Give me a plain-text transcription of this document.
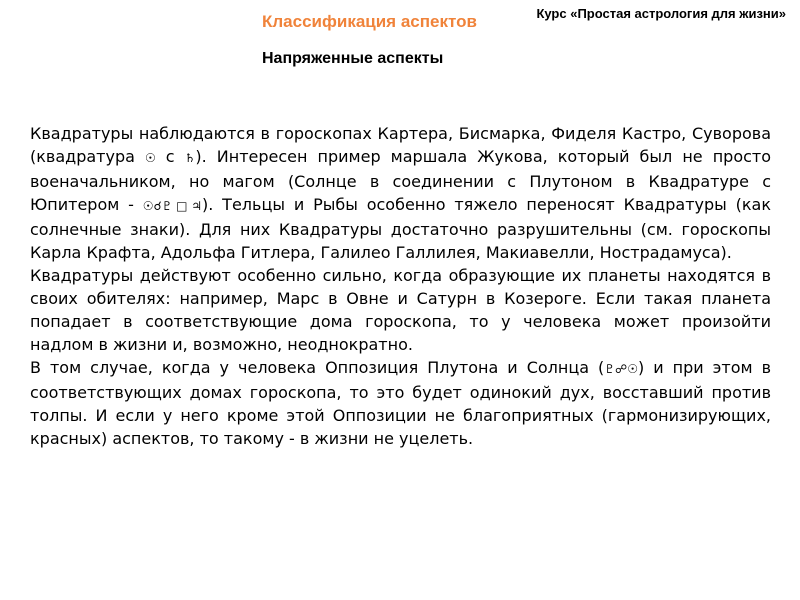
Курс «Простая астрология для жизни»
Классификация аспектов
Напряженные аспекты

Квадратуры наблюдаются в гороскопах Картера, Бисмарка, Фиделя Кастро, Суворова (квадратура ☉ с ♄). Интересен пример маршала Жукова, который был не просто военачальником, но магом (Солнце в соединении с Плутоном в Квадратуре с Юпитером - ☉☌♇□♃). Тельцы и Рыбы особенно тяжело переносят Квадратуры (как солнечные знаки). Для них Квадратуры достаточно разрушительны (см. гороскопы Карла Крафта, Адольфа Гитлера, Галилео Галлилея, Макиавелли, Нострадамуса).

Квадратуры действуют особенно сильно, когда образующие их планеты находятся в своих обителях: например, Марс в Овне и Сатурн в Козероге. Если такая планета попадает в соответствующие дома гороскопа, то у человека может произойти надлом в жизни и, возможно, неоднократно.

В том случае, когда у человека Оппозиция Плутона и Солнца (♇☍☉) и при этом в соответствующих домах гороскопа, то это будет одинокий дух, восставший против толпы. И если у него кроме этой Оппозиции не благоприятных (гармонизирующих, красных) аспектов, то такому - в жизни не уцелеть.
